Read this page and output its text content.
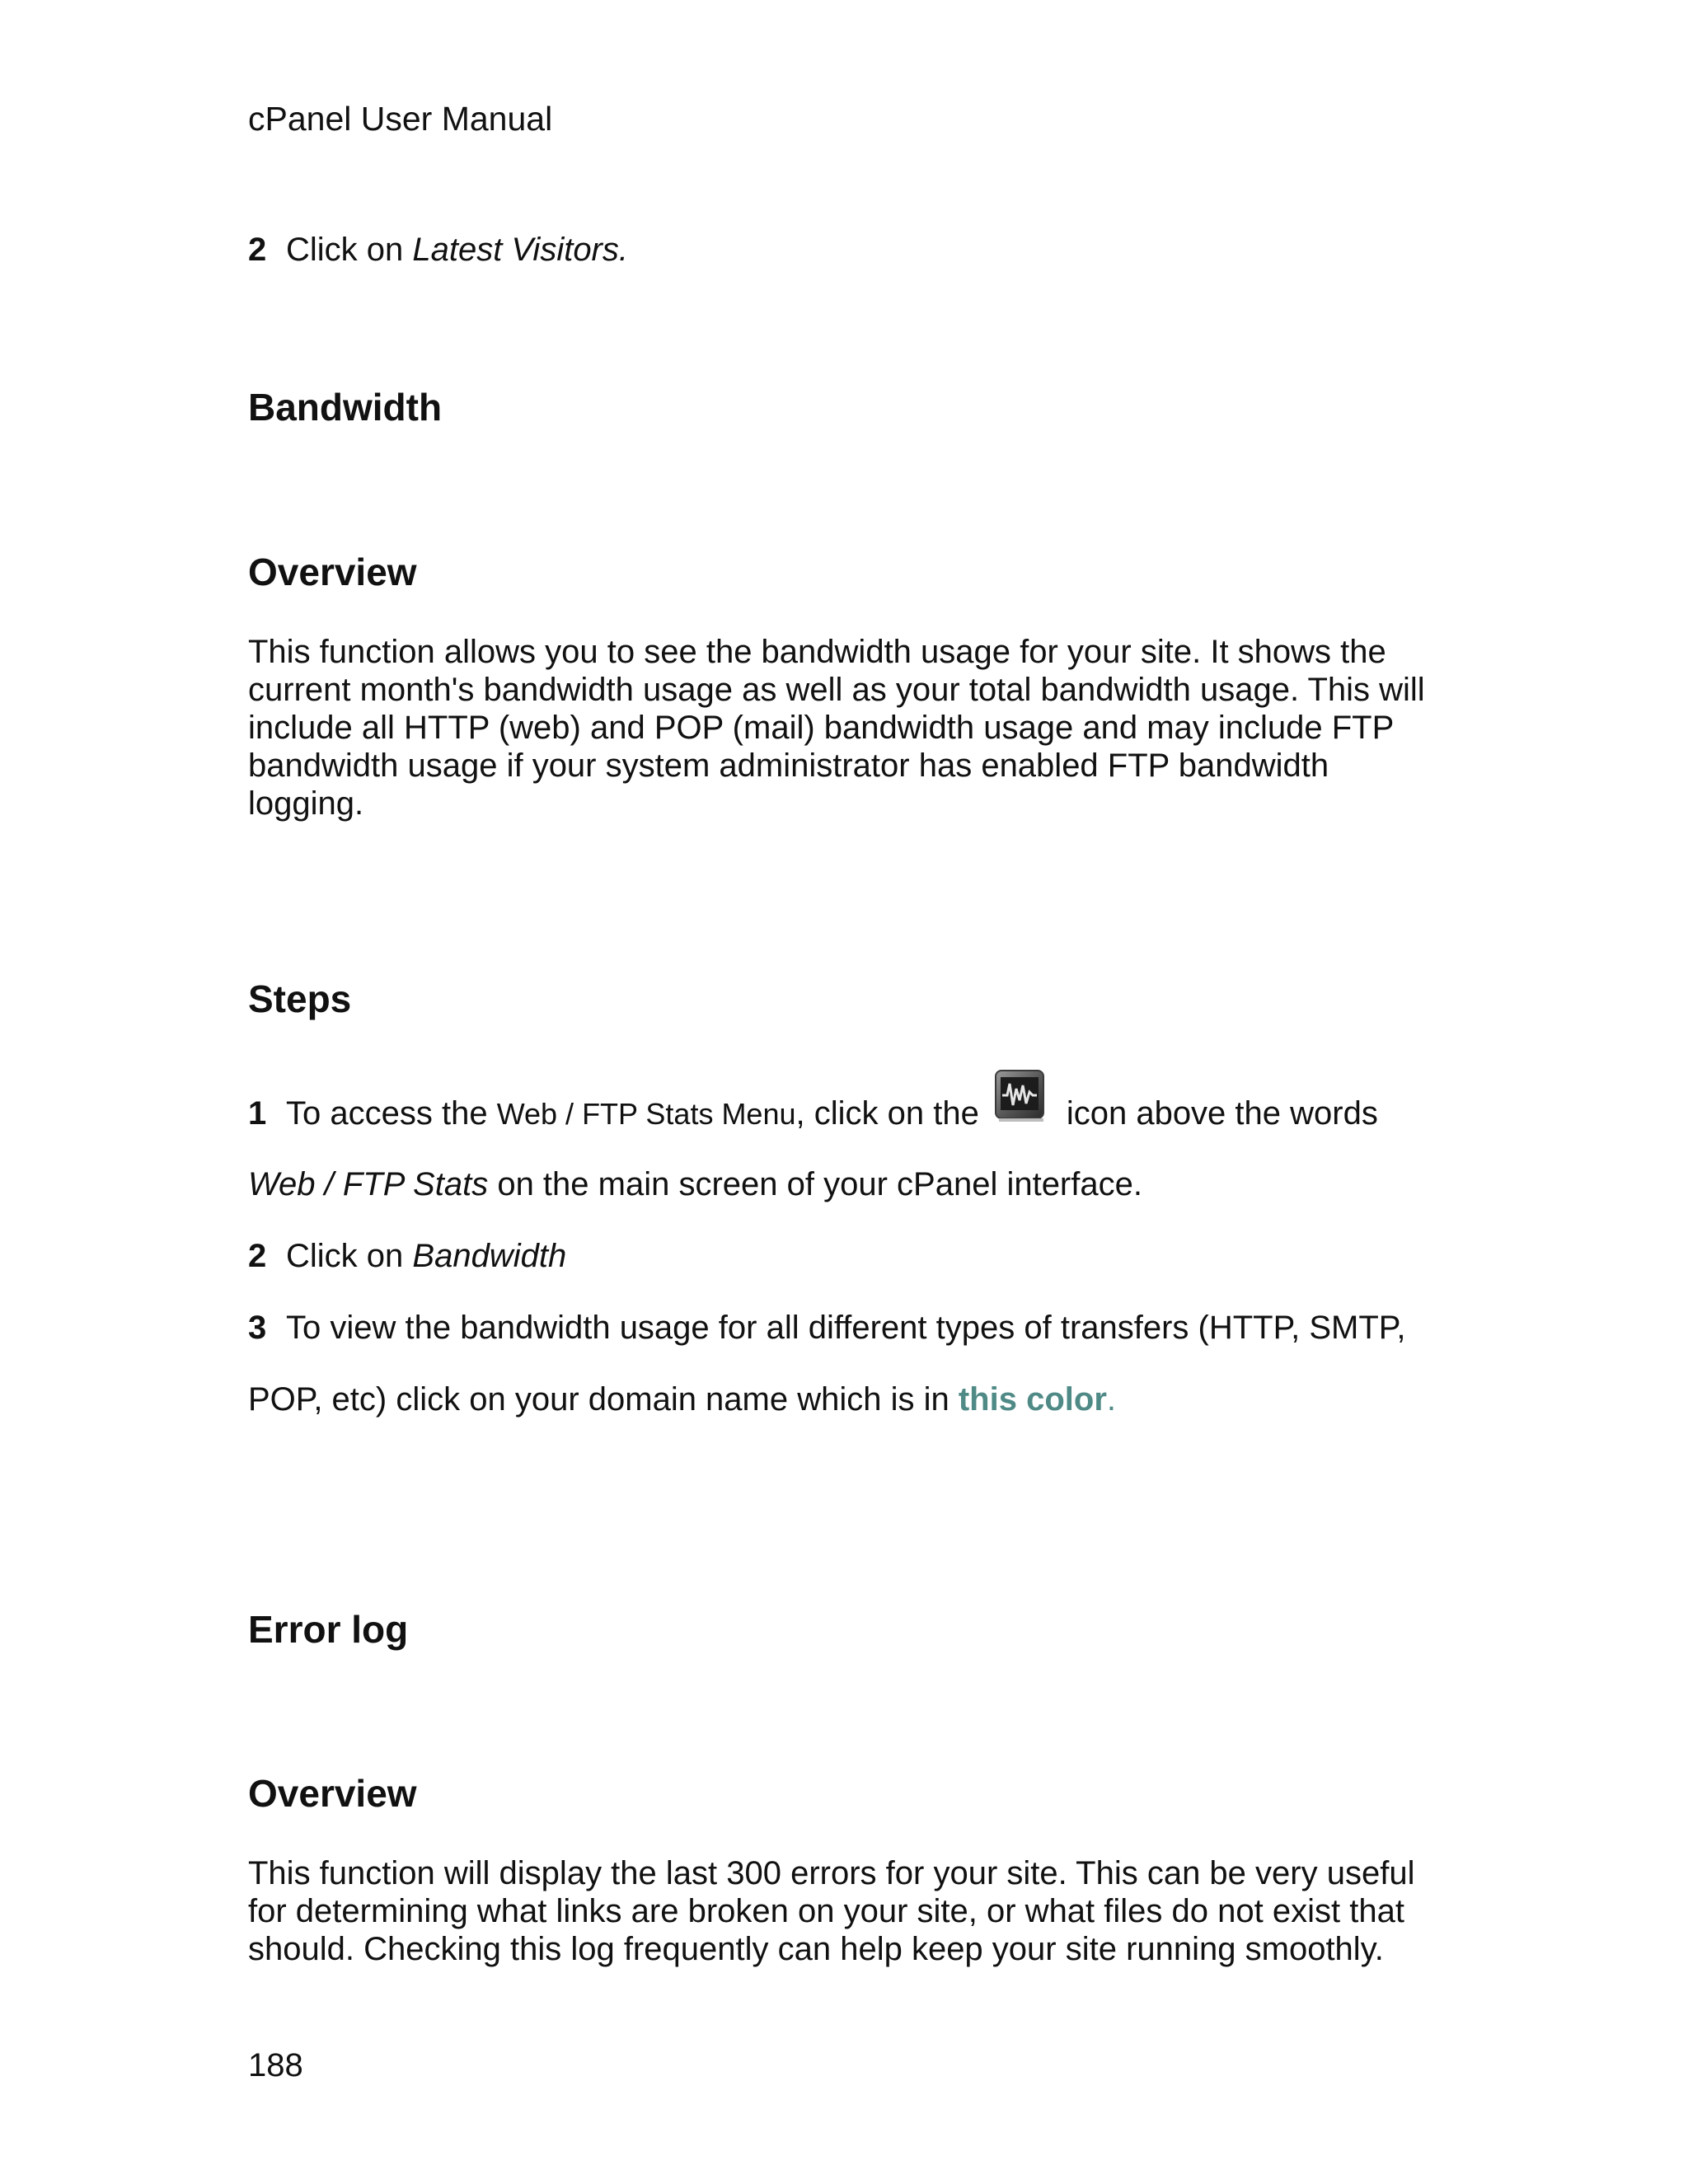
cPanel User Manual

2 Click on Latest Visitors.

Bandwidth
Overview
This function allows you to see the bandwidth usage for your site. It shows the
current month's bandwidth usage as well as your total bandwidth usage. This will
include all HTTP (web) and POP (mail) bandwidth usage and may include FTP
bandwidth usage if your system administrator has enabled FTP bandwidth
logging.
Steps

1 To access the Web / FTP Stats Menu, click on the	icon above the words

Web / FTP Stats on the main screen of your cPanel interface.

2 Click on Bandwidth

3 To view the bandwidth usage for all different types of transfers (HTTP, SMTP,

POP, etc) click on your domain name which is in this color.

Error log
Overview
This function will display the last 300 errors for your site. This can be very useful
for determining what links are broken on your site, or what files do not exist that
should. Checking this log frequently can help keep your site running smoothly.

188
